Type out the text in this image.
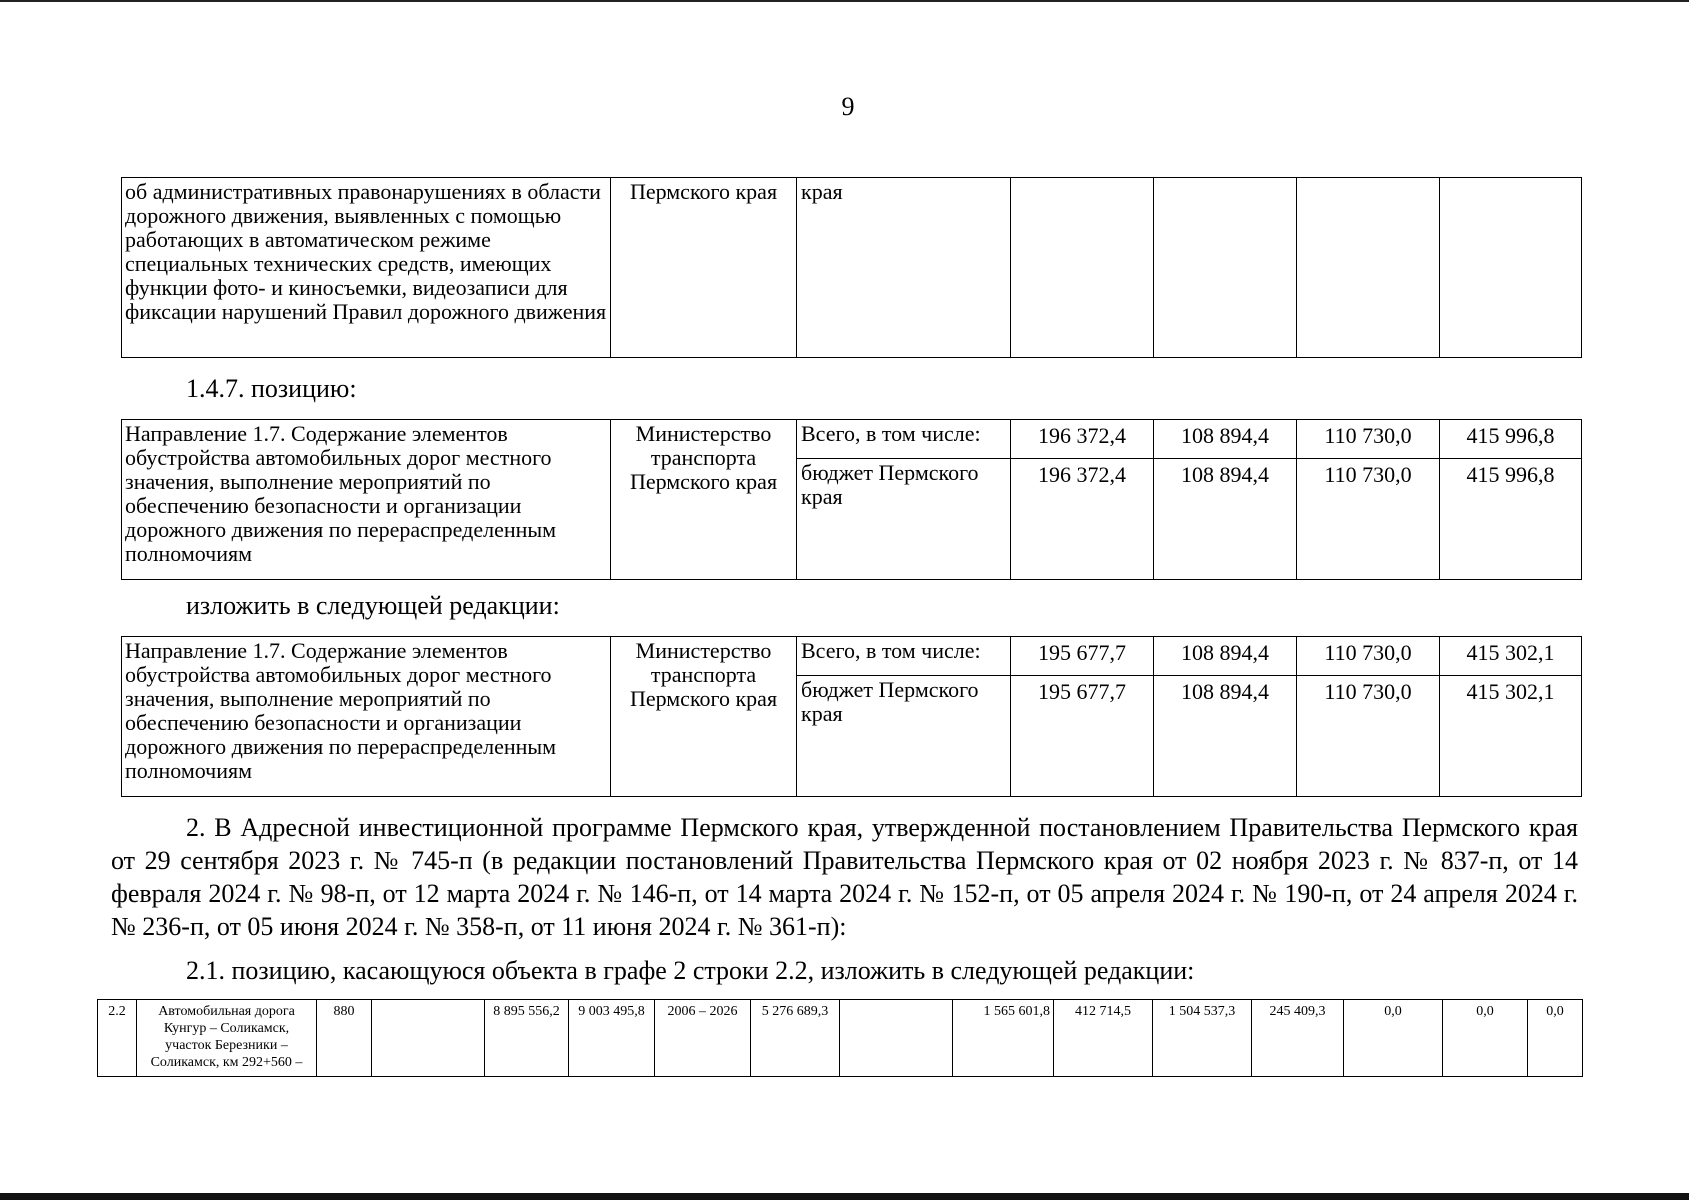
9
об административных правонарушениях в области дорожного движения, выявленных с помощью работающих в автоматическом режиме специальных технических средств, имеющих функции фото- и киносъемки, видеозаписи для фиксации нарушений Правил дорожного движения	Пермского края	края				
1.4.7. позицию:
Направление 1.7. Содержание элементов обустройства автомобильных дорог местного значения, выполнение мероприятий по обеспечению безопасности и организации дорожного движения по перераспределенным полномочиям	Министерство транспорта Пермского края	Всего, в том числе:	196 372,4	108 894,4	110 730,0	415 996,8
		бюджет Пермского края	196 372,4	108 894,4	110 730,0	415 996,8
изложить в следующей редакции:
Направление 1.7. Содержание элементов обустройства автомобильных дорог местного значения, выполнение мероприятий по обеспечению безопасности и организации дорожного движения по перераспределенным полномочиям	Министерство транспорта Пермского края	Всего, в том числе:	195 677,7	108 894,4	110 730,0	415 302,1
		бюджет Пермского края	195 677,7	108 894,4	110 730,0	415 302,1
2. В Адресной инвестиционной программе Пермского края, утвержденной постановлением Правительства Пермского края от 29 сентября 2023 г. № 745-п (в редакции постановлений Правительства Пермского края от 02 ноября 2023 г. № 837-п, от 14 февраля 2024 г. № 98-п, от 12 марта 2024 г. № 146-п, от 14 марта 2024 г. № 152-п, от 05 апреля 2024 г. № 190-п, от 24 апреля 2024 г. № 236-п, от 05 июня 2024 г. № 358-п, от 11 июня 2024 г. № 361-п):
2.1. позицию, касающуюся объекта в графе 2 строки 2.2, изложить в следующей редакции:
2.2	Автомобильная дорога Кунгур – Соликамск, участок Березники – Соликамск, км 292+560 –	880		8 895 556,2	9 003 495,8	2006 – 2026	5 276 689,3		1 565 601,8	412 714,5	1 504 537,3	245 409,3	0,0	0,0	0,0
